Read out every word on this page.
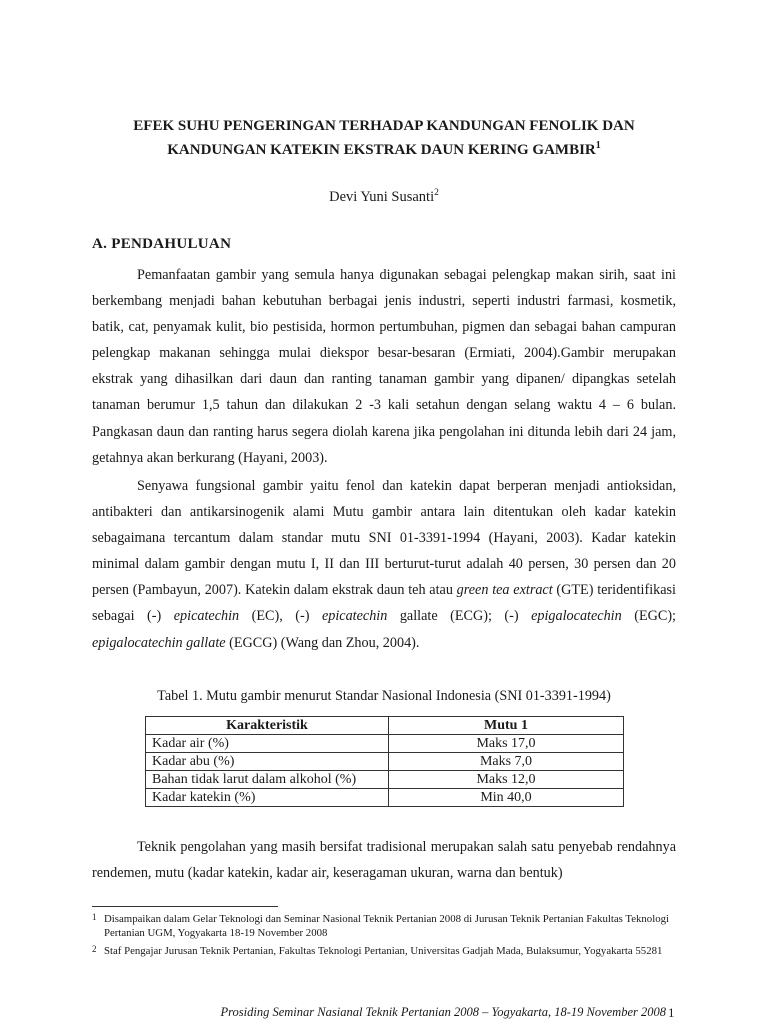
EFEK SUHU PENGERINGAN TERHADAP KANDUNGAN FENOLIK DAN
KANDUNGAN KATEKIN EKSTRAK DAUN KERING GAMBIR$^1$
Devi Yuni Susanti$^2$
A. PENDAHULUAN

Pemanfaatan gambir yang semula hanya digunakan sebagai pelengkap makan sirih, saat ini berkembang menjadi bahan kebutuhan berbagai jenis industri, seperti industri farmasi, kosmetik, batik, cat, penyamak kulit, bio pestisida, hormon pertumbuhan, pigmen dan sebagai bahan campuran pelengkap makanan sehingga mulai diekspor besar-besaran (Ermiati, 2004).Gambir merupakan ekstrak yang dihasilkan dari daun dan ranting tanaman gambir yang dipanen/ dipangkas setelah tanaman berumur 1,5 tahun dan dilakukan 2 -3 kali setahun dengan selang waktu 4 – 6 bulan. Pangkasan daun dan ranting harus segera diolah karena jika pengolahan ini ditunda lebih dari 24 jam, getahnya akan berkurang (Hayani, 2003).

Senyawa fungsional gambir yaitu fenol dan katekin dapat berperan menjadi antioksidan, antibakteri dan antikarsinogenik alami Mutu gambir antara lain ditentukan oleh kadar katekin sebagaimana tercantum dalam standar mutu SNI 01-3391-1994 (Hayani, 2003). Kadar katekin minimal dalam gambir dengan mutu I, II dan III berturut-turut adalah 40 persen, 30 persen dan 20 persen (Pambayun, 2007). Katekin dalam ekstrak daun teh atau green tea extract (GTE) teridentifikasi sebagai (-) epicatechin (EC), (-) epicatechin gallate (ECG); (-) epigalocatechin (EGC); epigalocatechin gallate (EGCG) (Wang dan Zhou, 2004).

Tabel 1. Mutu gambir menurut Standar Nasional Indonesia (SNI 01-3391-1994)
Karakteristik	Mutu 1
Kadar air (%)	Maks 17,0
Kadar abu (%)	Maks 7,0
Bahan tidak larut dalam alkohol (%)	Maks 12,0
Kadar katekin (%)	Min 40,0

Teknik pengolahan yang masih bersifat tradisional merupakan salah satu penyebab rendahnya rendemen, mutu (kadar katekin, kadar air, keseragaman ukuran, warna dan bentuk)

1 Disampaikan dalam Gelar Teknologi dan Seminar Nasional Teknik Pertanian 2008 di Jurusan Teknik Pertanian Fakultas Teknologi Pertanian UGM, Yogyakarta 18-19 November 2008
2 Staf Pengajar Jurusan Teknik Pertanian, Fakultas Teknologi Pertanian, Universitas Gadjah Mada, Bulaksumur, Yogyakarta 55281
Prosiding Seminar Nasianal Teknik Pertanian 2008 – Yogyakarta, 18-19 November 2008 1
